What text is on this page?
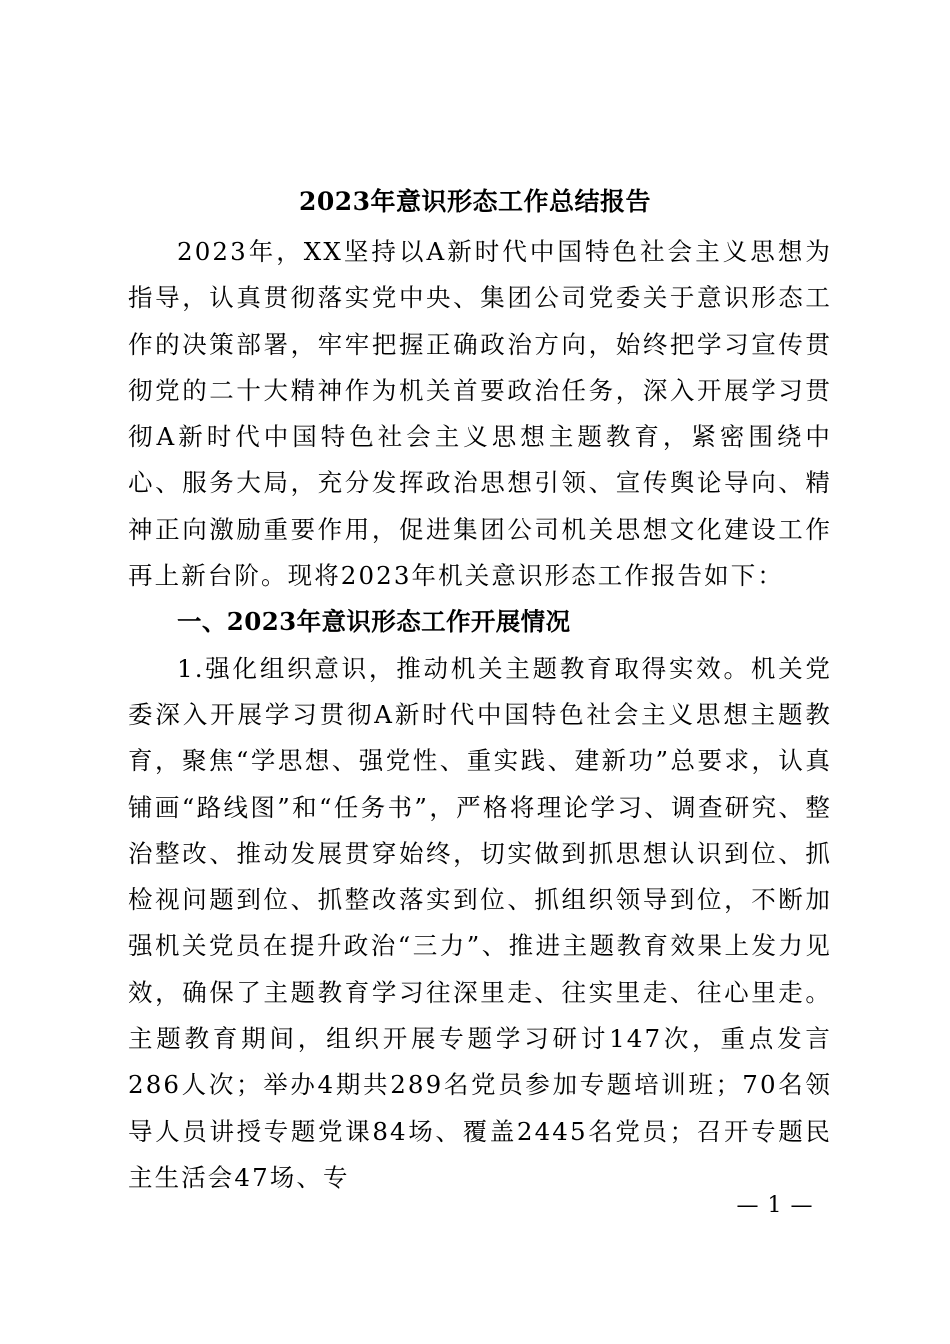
2023年意识形态工作总结报告

2023年，XX坚持以A新时代中国特色社会主义思想为指导，认真贯彻落实党中央、集团公司党委关于意识形态工作的决策部署，牢牢把握正确政治方向，始终把学习宣传贯彻党的二十大精神作为机关首要政治任务，深入开展学习贯彻A新时代中国特色社会主义思想主题教育，紧密围绕中心、服务大局，充分发挥政治思想引领、宣传舆论导向、精神正向激励重要作用，促进集团公司机关思想文化建设工作再上新台阶。现将2023年机关意识形态工作报告如下：

一、2023年意识形态工作开展情况

1.强化组织意识，推动机关主题教育取得实效。机关党委深入开展学习贯彻A新时代中国特色社会主义思想主题教育，聚焦“学思想、强党性、重实践、建新功”总要求，认真铺画“路线图”和“任务书”，严格将理论学习、调查研究、整治整改、推动发展贯穿始终，切实做到抓思想认识到位、抓检视问题到位、抓整改落实到位、抓组织领导到位，不断加强机关党员在提升政治“三力”、推进主题教育效果上发力见效，确保了主题教育学习往深里走、往实里走、往心里走。主题教育期间，组织开展专题学习研讨147次，重点发言286人次；举办4期共289名党员参加专题培训班；70名领导人员讲授专题党课84场、覆盖2445名党员；召开专题民主生活会47场、专

— 1 —
